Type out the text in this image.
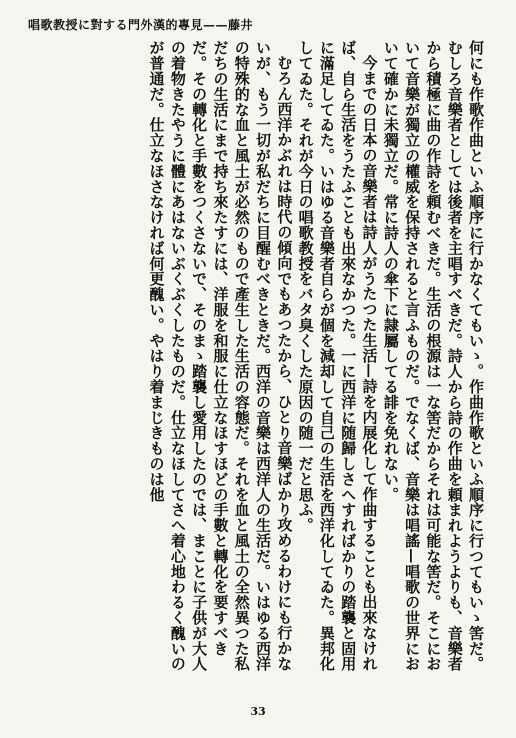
唱歌教授に對する門外漢的專見——藤井

何にも作歌作曲といふ順序に行かなくてもいゝ。作曲作歌といふ順序に行つてもいゝ筈だ。むしろ音樂者としては後者を主唱すべきだ。詩人から詩の作曲を頼まれようよりも、音樂者から積極に曲の作詩を頼むべきだ。生活の根源は一な筈だからそれは可能な筈だ。そこにおいて音樂が獨立の權威を保持されると言ふものだ。でなくば、音樂は唱謠—唱歌の世界において確かに未獨立だ。常に詩人の傘下に隷屬してる誹を免れない。

今までの日本の音樂者は詩人がうたつた生活—詩を内展化して作曲することも出來なければ、自ら生活をうたふことも出來なかつた。一に西洋に随歸しさへすればかりの踏襲と固用に滿足してゐた。いはゆる音樂者自らが個を減却して自己の生活を西洋化してゐた。異邦化してゐた。それが今日の唱歌教授をバタ臭くした原因の随一だと思ふ。

むろん西洋かぶれは時代の傾向でもあつたから、ひとり音樂ばかり攻めるわけにも行かないが、もう一切が私だちに目醒むべきときだ。西洋の音樂は西洋人の生活だ。いはゆる西洋の特殊的な血と風土が必然のもので產生した生活の容態だ。それを血と風土の全然異つた私だちの生活にまで持ち來たすには、洋服を和服に仕立なほすほどの手數と轉化を要すべきだ。その轉化と手數をつくさないで、そのまゝ踏襲し愛用したのでは、まことに子供が大人の着物きたやうに體にあはないぶくぶくしたものだ。仕立なほしてさへ着心地わるく醜いのが普通だ。仕立なほさなければ何更醜い。やはり着まじきものは他

33
